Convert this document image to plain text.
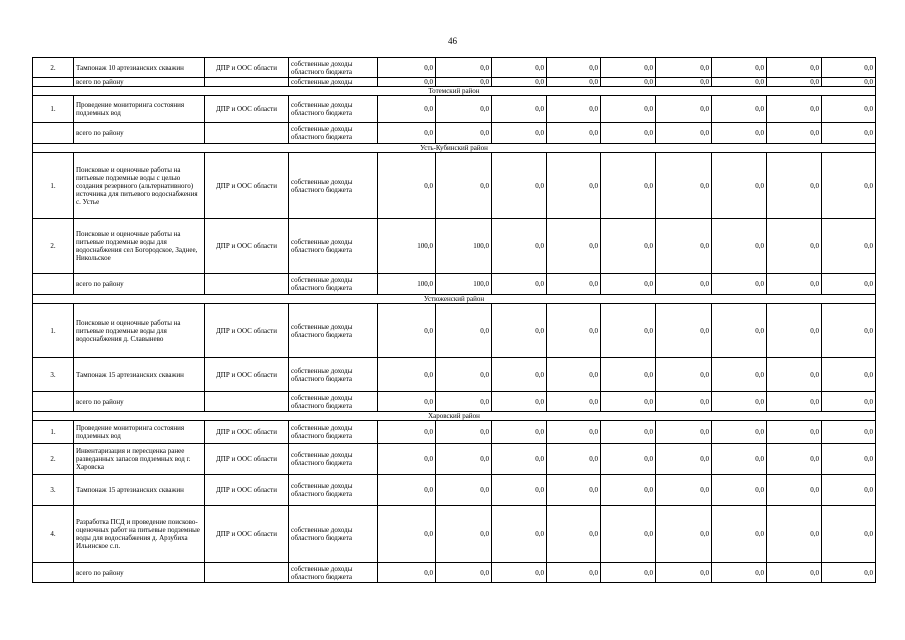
46
2.	Тампонаж 10 артезианских скважин	ДПР и ООС области	собственные доходы областного бюджета	0,0	0,0	0,0	0,0	0,0	0,0	0,0	0,0	0,0
	всего по району		собственные доходы	0,0	0,0	0,0	0,0	0,0	0,0	0,0	0,0	0,0
Тотемский район												
1.	Проведение мониторинга состояния подземных вод	ДПР и ООС области	собственные доходы областного бюджета	0,0	0,0	0,0	0,0	0,0	0,0	0,0	0,0	0,0
	всего по району		собственные доходы областного бюджета	0,0	0,0	0,0	0,0	0,0	0,0	0,0	0,0	0,0
Усть-Кубинский район												
1.	Поисковые и оценочные работы на питьевые подземные воды с целью создания резервного (альтернативного) источника для питьевого водоснабжения с. Устье	ДПР и ООС области	собственные доходы областного бюджета	0,0	0,0	0,0	0,0	0,0	0,0	0,0	0,0	0,0
2.	Поисковые и оценочные работы на питьевые подземные воды для водоснабжения сел Богородское, Заднее, Никольское	ДПР и ООС области	собственные доходы областного бюджета	100,0	100,0	0,0	0,0	0,0	0,0	0,0	0,0	0,0
	всего по району		собственные доходы областного бюджета	100,0	100,0	0,0	0,0	0,0	0,0	0,0	0,0	0,0
Устюженский район												
1.	Поисковые и оценочные работы на питьевые подземные воды для водоснабжения д. Славынево	ДПР и ООС области	собственные доходы областного бюджета	0,0	0,0	0,0	0,0	0,0	0,0	0,0	0,0	0,0
3.	Тампонаж 15 артезианских скважин	ДПР и ООС области	собственные доходы областного бюджета	0,0	0,0	0,0	0,0	0,0	0,0	0,0	0,0	0,0
	всего по району		собственные доходы областного бюджета	0,0	0,0	0,0	0,0	0,0	0,0	0,0	0,0	0,0
Харовский район												
1.	Проведение мониторинга состояния подземных вод	ДПР и ООС области	собственные доходы областного бюджета	0,0	0,0	0,0	0,0	0,0	0,0	0,0	0,0	0,0
2.	Инвентаризация и пересценка ранее разведанных запасов подземных вод г. Харовска	ДПР и ООС области	собственные доходы областного бюджета	0,0	0,0	0,0	0,0	0,0	0,0	0,0	0,0	0,0
3.	Тампонаж 15 артезианских скважин	ДПР и ООС области	собственные доходы областного бюджета	0,0	0,0	0,0	0,0	0,0	0,0	0,0	0,0	0,0
4.	Разработка ПСД и проведение поисково-оценочных работ на питьевые подземные воды для водоснабжения д. Арзубиха Ильинское с.п.	ДПР и ООС области	собственные доходы областного бюджета	0,0	0,0	0,0	0,0	0,0	0,0	0,0	0,0	0,0
	всего по району		собственные доходы областного бюджета	0,0	0,0	0,0	0,0	0,0	0,0	0,0	0,0	0,0
